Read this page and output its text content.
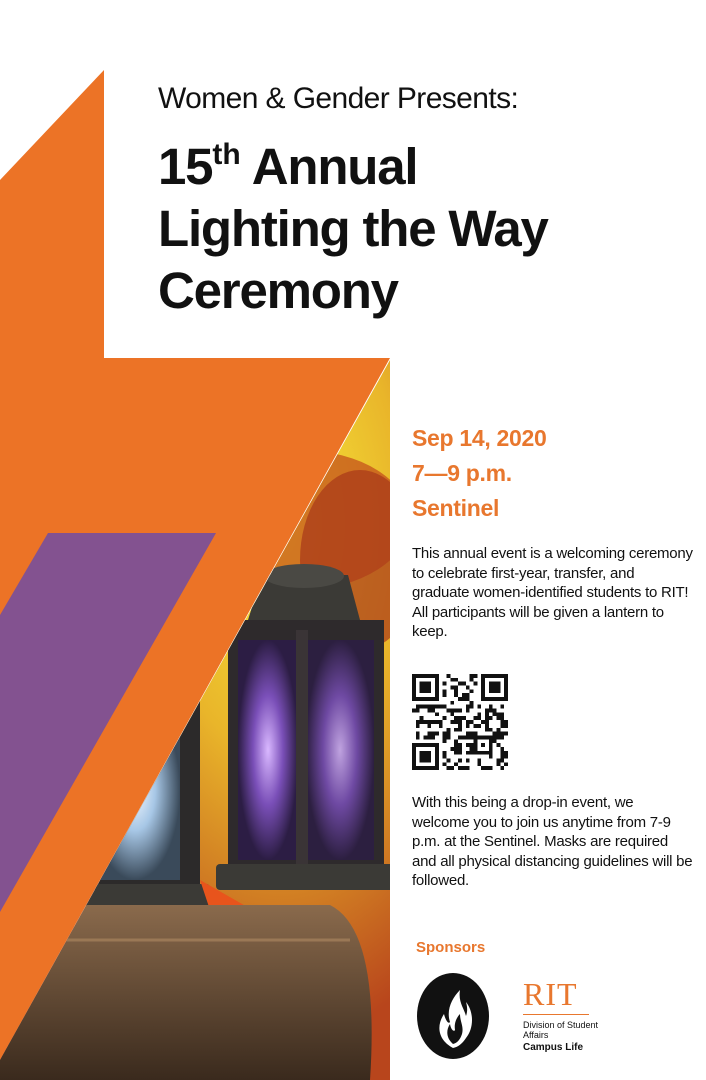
Women & Gender Presents:
15th Annual
Lighting the Way
Ceremony
Sep 14, 2020
7—9 p.m.
Sentinel
This annual event is a welcoming ceremony to celebrate first-year, transfer, and graduate women-identified students to RIT! All participants will be given a lantern to keep.
With this being a drop-in event, we welcome you to join us anytime from 7-9 p.m. at the Sentinel. Masks are required and all physical distancing guidelines will be followed.
Sponsors
RIT
Division of Student Affairs
Campus Life
